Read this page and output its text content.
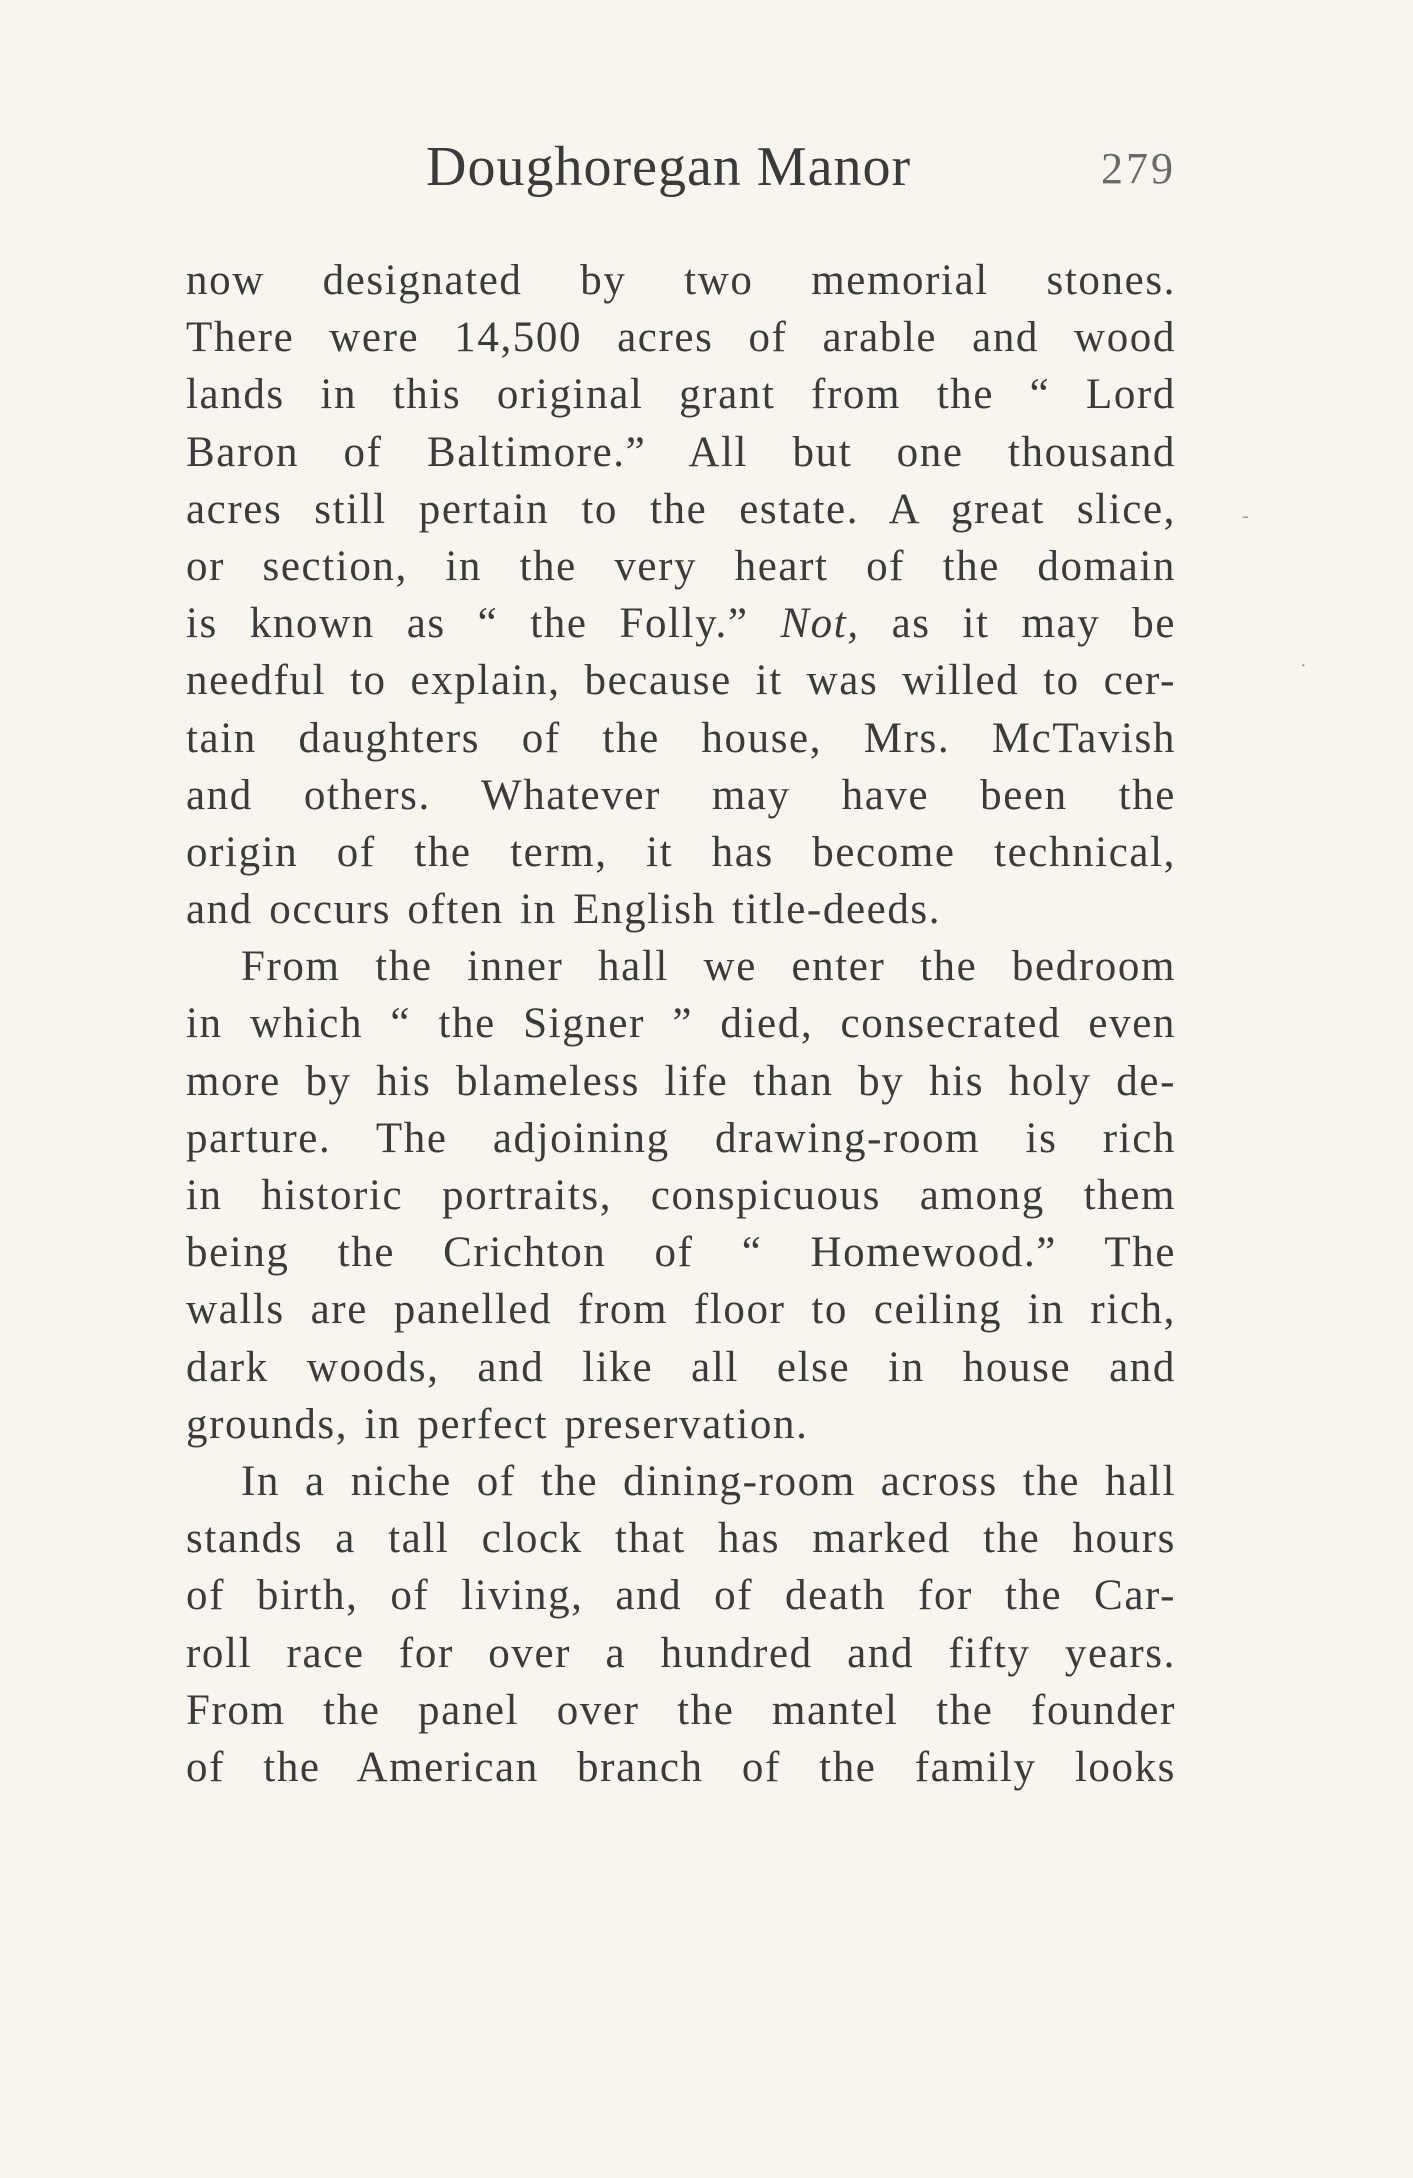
Doughoregan Manor	279
now designated by two memorial stones.
There were 14,500 acres of arable and wood
lands in this original grant from the “ Lord
Baron of Baltimore.” All but one thousand
acres still pertain to the estate. A great slice,
or section, in the very heart of the domain
is known as “ the Folly.” Not, as it may be
needful to explain, because it was willed to cer-
tain daughters of the house, Mrs. McTavish
and others. Whatever may have been the
origin of the term, it has become technical,
and occurs often in English title-deeds.
From the inner hall we enter the bedroom
in which “ the Signer ” died, consecrated even
more by his blameless life than by his holy de-
parture. The adjoining drawing-room is rich
in historic portraits, conspicuous among them
being the Crichton of “ Homewood.” The
walls are panelled from floor to ceiling in rich,
dark woods, and like all else in house and
grounds, in perfect preservation.
In a niche of the dining-room across the hall
stands a tall clock that has marked the hours
of birth, of living, and of death for the Car-
roll race for over a hundred and fifty years.
From the panel over the mantel the founder
of the American branch of the family looks
-
·
